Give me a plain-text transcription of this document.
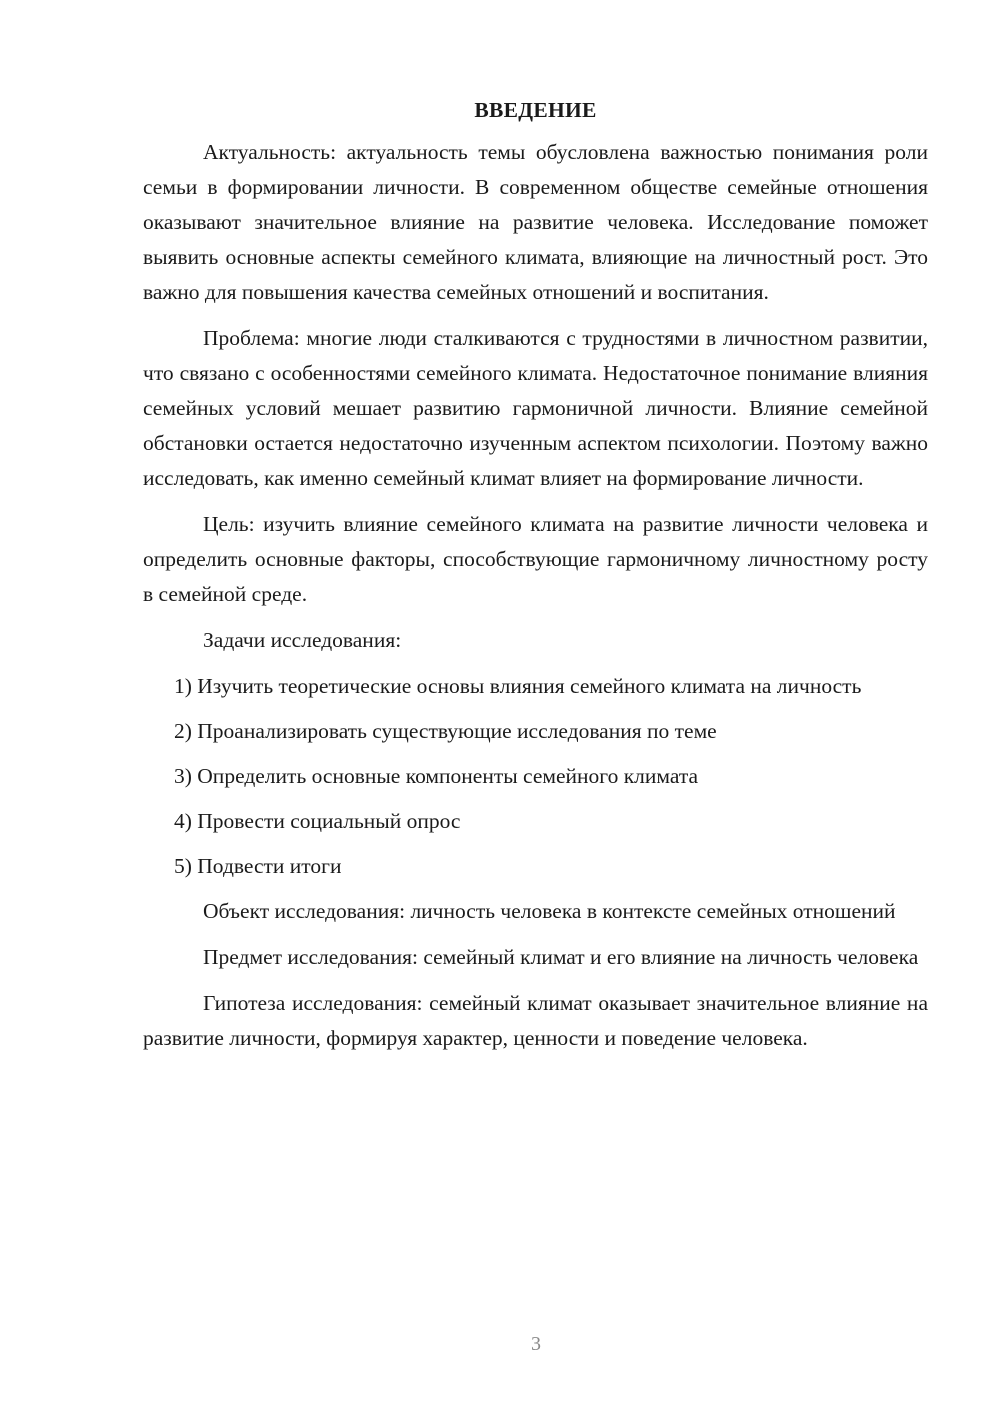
ВВЕДЕНИЕ

Актуальность: актуальность темы обусловлена важностью понимания роли семьи в формировании личности. В современном обществе семейные отношения оказывают значительное влияние на развитие человека. Исследование поможет выявить основные аспекты семейного климата, влияющие на личностный рост. Это важно для повышения качества семейных отношений и воспитания.

Проблема: многие люди сталкиваются с трудностями в личностном развитии, что связано с особенностями семейного климата. Недостаточное понимание влияния семейных условий мешает развитию гармоничной личности. Влияние семейной обстановки остается недостаточно изученным аспектом психологии. Поэтому важно исследовать, как именно семейный климат влияет на формирование личности.

Цель: изучить влияние семейного климата на развитие личности человека и определить основные факторы, способствующие гармоничному личностному росту в семейной среде.

Задачи исследования:

1) Изучить теоретические основы влияния семейного климата на личность

2) Проанализировать существующие исследования по теме

3) Определить основные компоненты семейного климата

4) Провести социальный опрос

5) Подвести итоги

Объект исследования: личность человека в контексте семейных отношений

Предмет исследования: семейный климат и его влияние на личность человека

Гипотеза исследования: семейный климат оказывает значительное влияние на развитие личности, формируя характер, ценности и поведение человека.

3
